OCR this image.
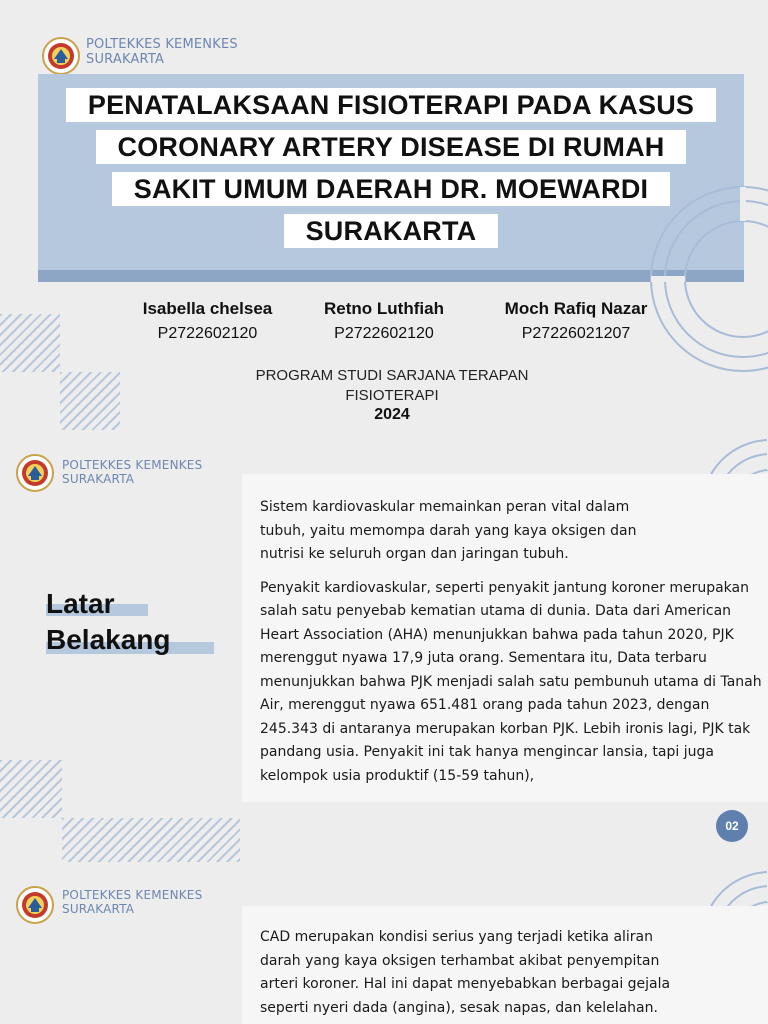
POLTEKKES KEMENKES
SURAKARTA
PENATALAKSAAN FISIOTERAPI PADA KASUS
CORONARY ARTERY DISEASE DI RUMAH
SAKIT UMUM DAERAH DR. MOEWARDI
SURAKARTA
Isabella chelsea
P2722602120
Retno Luthfiah
P2722602120
Moch Rafiq Nazar
P27226021207
PROGRAM STUDI SARJANA TERAPAN
FISIOTERAPI
2024
POLTEKKES KEMENKES
SURAKARTA

Sistem kardiovaskular memainkan peran vital dalam tubuh, yaitu memompa darah yang kaya oksigen dan nutrisi ke seluruh organ dan jaringan tubuh.

Penyakit kardiovaskular, seperti penyakit jantung koroner merupakan salah satu penyebab kematian utama di dunia. Data dari American Heart Association (AHA) menunjukkan bahwa pada tahun 2020, PJK merenggut nyawa 17,9 juta orang. Sementara itu, Data terbaru menunjukkan bahwa PJK menjadi salah satu pembunuh utama di Tanah Air, merenggut nyawa 651.481 orang pada tahun 2023, dengan 245.343 di antaranya merupakan korban PJK. Lebih ironis lagi, PJK tak pandang usia. Penyakit ini tak hanya mengincar lansia, tapi juga kelompok usia produktif (15-59 tahun),

Latar
Belakang
02
POLTEKKES KEMENKES
SURAKARTA

CAD merupakan kondisi serius yang terjadi ketika aliran darah yang kaya oksigen terhambat akibat penyempitan arteri koroner. Hal ini dapat menyebabkan berbagai gejala seperti nyeri dada (angina), sesak napas, dan kelelahan.
